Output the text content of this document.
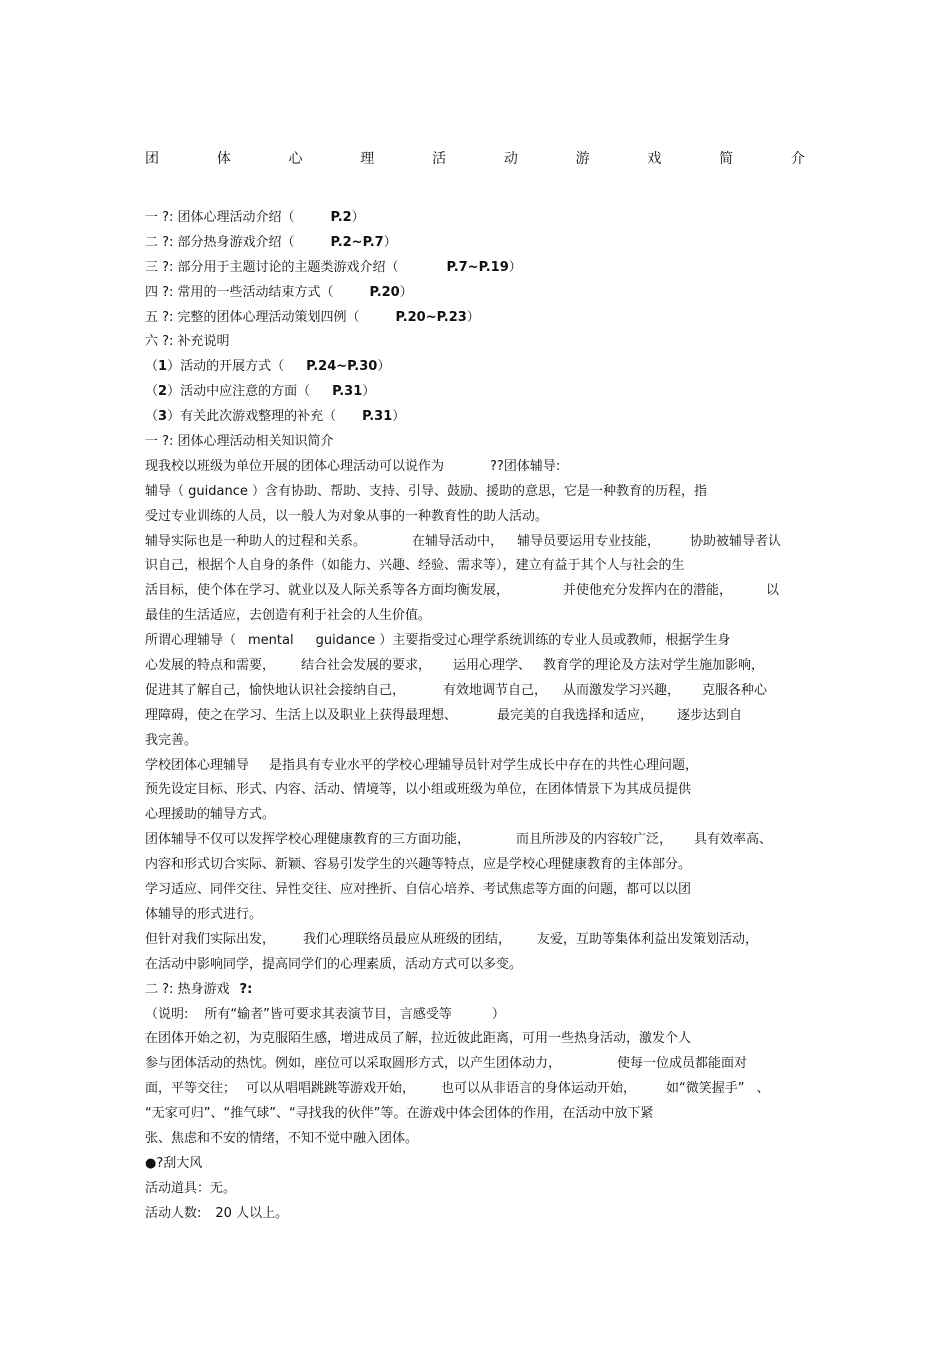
团	体	心	理	活	动	游	戏	简	介
一 ?: 团体心理活动介绍（	P.2）
二 ?: 部分热身游戏介绍（	P.2~P.7）
三 ?: 部分用于主题讨论的主题类游戏介绍（	P.7~P.19）
四 ?: 常用的一些活动结束方式（	P.20）
五 ?: 完整的团体心理活动策划四例（	P.20~P.23）
六 ?: 补充说明
（1）活动的开展方式（ P.24~P.30）
（2）活动中应注意的方面（ P.31）
（3）有关此次游戏整理的补充（ P.31）
一 ?: 团体心理活动相关知识简介
现我校以班级为单位开展的团体心理活动可以说作为	??团体辅导:
辅导（ guidance ）含有协助、帮助、支持、引导、鼓励、援助的意思，它是一种教育的历程，指
受过专业训练的人员，以一般人为对象从事的一种教育性的助人活动。
辅导实际也是一种助人的过程和关系。	在辅导活动中， 辅导员要运用专业技能， 协助被辅导者认
识自己，根据个人自身的条件（如能力、兴趣、经验、需求等），建立有益于其个人与社会的生
活目标，使个体在学习、就业以及人际关系等各方面均衡发展，	并使他充分发挥内在的潜能，	以
最佳的生活适应，去创造有利于社会的人生价值。
所谓心理辅导（ mental guidance ）主要指受过心理学系统训练的专业人员或教师，根据学生身
心发展的特点和需要， 结合社会发展的要求， 运用心理学、 教育学的理论及方法对学生施加影响，
促进其了解自己，愉快地认识社会接纳自己，	有效地调节自己， 从而激发学习兴趣， 克服各种心
理障碍，使之在学习、生活上以及职业上获得最理想、	最完美的自我选择和适应， 逐步达到自
我完善。
学校团体心理辅导 是指具有专业水平的学校心理辅导员针对学生成长中存在的共性心理问题，
预先设定目标、形式、内容、活动、情境等，以小组或班级为单位，在团体情景下为其成员提供
心理援助的辅导方式。
团体辅导不仅可以发挥学校心理健康教育的三方面功能，	而且所涉及的内容较广泛， 具有效率高、
内容和形式切合实际、新颖、容易引发学生的兴趣等特点，应是学校心理健康教育的主体部分。
学习适应、同伴交往、异性交往、应对挫折、自信心培养、考试焦虑等方面的问题，都可以以团
体辅导的形式进行。
但针对我们实际出发， 我们心理联络员最应从班级的团结， 友爱，互助等集体利益出发策划活动，
在活动中影响同学，提高同学们的心理素质，活动方式可以多变。
二 ?: 热身游戏 ?:
（说明: 所有“输者”皆可要求其表演节目，言感受等	）
在团体开始之初，为克服陌生感，增进成员了解，拉近彼此距离，可用一些热身活动，激发个人
参与团体活动的热忱。例如，座位可以采取圆形方式，以产生团体动力，	使每一位成员都能面对
面，平等交往； 可以从唱唱跳跳等游戏开始， 也可以从非语言的身体运动开始， 如“微笑握手” 、
“无家可归”、“推气球”、“寻找我的伙伴”等。在游戏中体会团体的作用，在活动中放下紧
张、焦虑和不安的情绪，不知不觉中融入团体。
●?刮大风
活动道具：无。
活动人数: 20 人以上。
